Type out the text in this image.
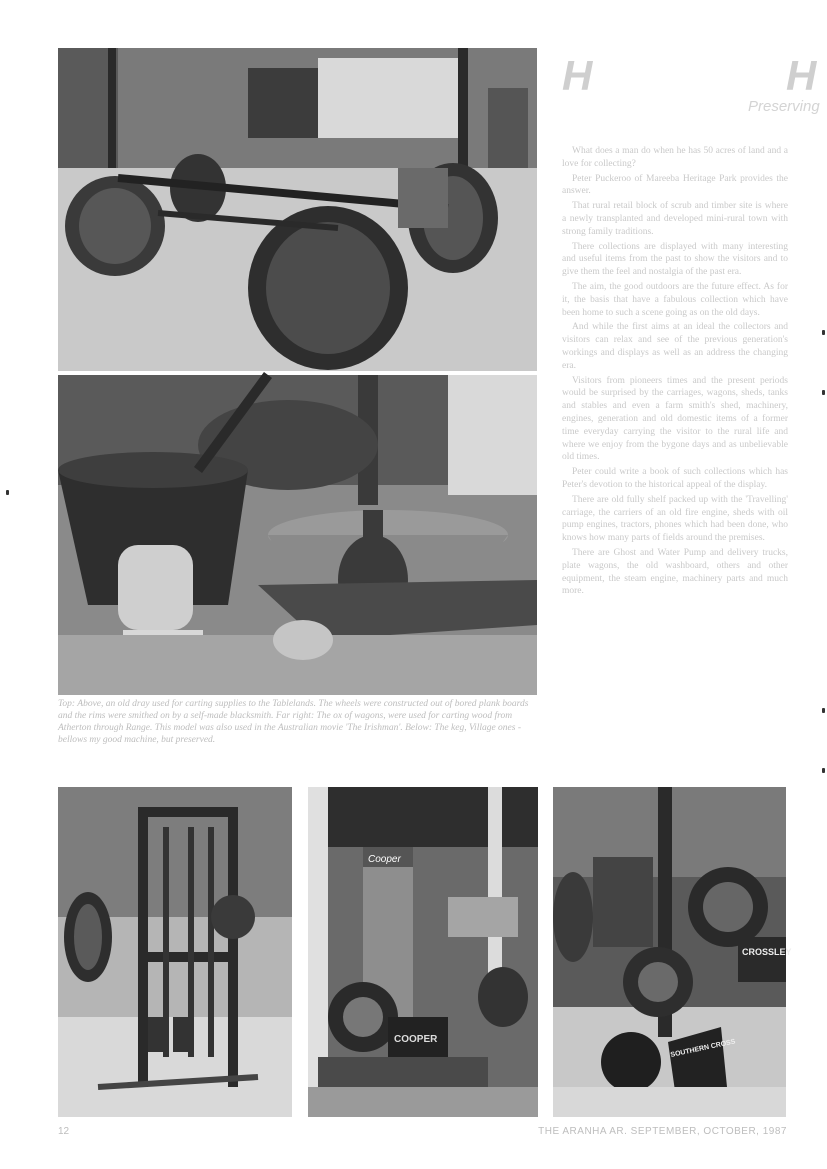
Cooper
COOPER
CROSSLEY
SOUTHERN CROSS
Top: Above, an old dray used for carting supplies to the Tablelands. The wheels were constructed out of bored plank boards and the rims were smithed on by a self-made blacksmith. Far right: The ox of wagons, were used for carting wood from Atherton through Range. This model was also used in the Australian movie 'The Irishman'. Below: The keg, Village ones - bellows my good machine, but preserved.
H	H
Preserving

What does a man do when he has 50 acres of land and a love for collecting?

Peter Puckeroo of Mareeba Heritage Park provides the answer.

That rural retail block of scrub and timber site is where a newly transplanted and developed mini-rural town with strong family traditions.

There collections are displayed with many interesting and useful items from the past to show the visitors and to give them the feel and nostalgia of the past era.

The aim, the good outdoors are the future effect. As for it, the basis that have a fabulous collection which have been home to such a scene going as on the old days.

And while the first aims at an ideal the collectors and visitors can relax and see of the previous generation's workings and displays as well as an address the changing era.

Visitors from pioneers times and the present periods would be surprised by the carriages, wagons, sheds, tanks and stables and even a farm smith's shed, machinery, engines, generation and old domestic items of a former time everyday carrying the visitor to the rural life and where we enjoy from the bygone days and as unbelievable old times.

Peter could write a book of such collections which has Peter's devotion to the historical appeal of the display.

There are old fully shelf packed up with the 'Travelling' carriage, the carriers of an old fire engine, sheds with oil pump engines, tractors, phones which had been done, who knows how many parts of fields around the premises.

There are Ghost and Water Pump and delivery trucks, plate wagons, the old washboard, others and other equipment, the steam engine, machinery parts and much more.

12	THE ARANHA AR. SEPTEMBER, OCTOBER, 1987
